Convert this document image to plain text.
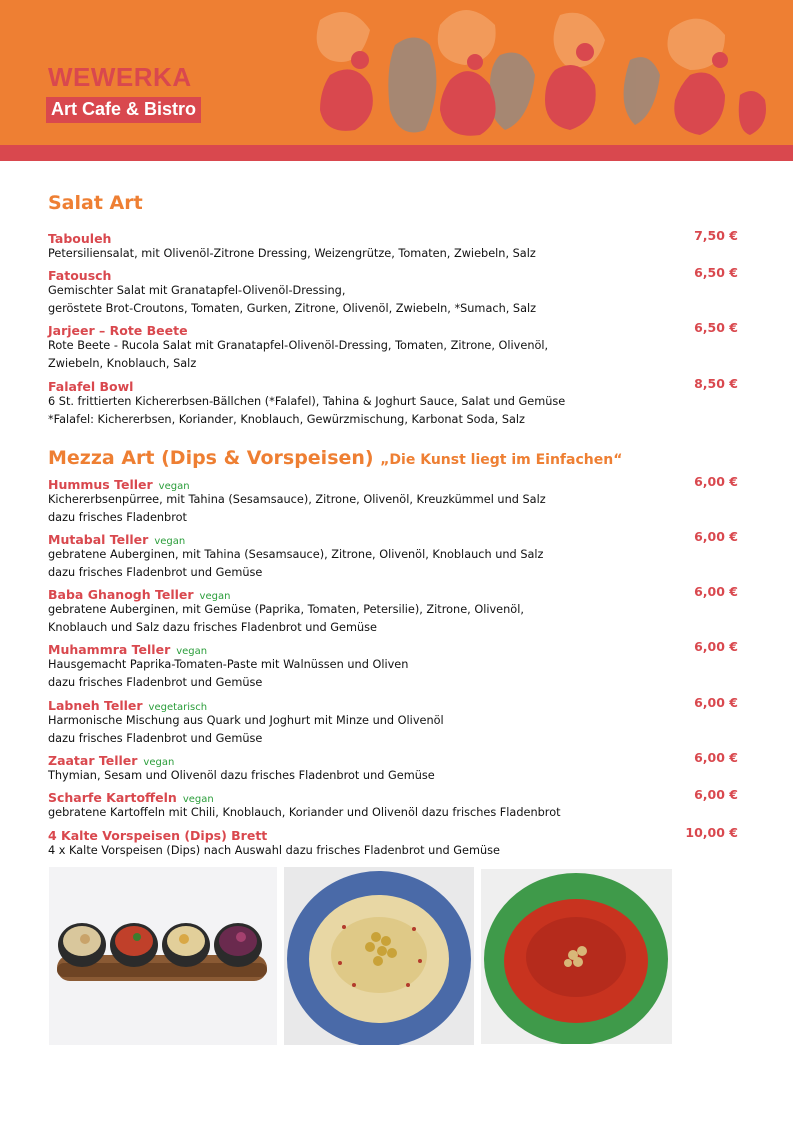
WEWERKA
Art Cafe & Bistro
Salat Art
Tabouleh	7,50 €
Petersiliensalat, mit Olivenöl-Zitrone Dressing, Weizengrütze, Tomaten, Zwiebeln, Salz
Fatousch	6,50 €
Gemischter Salat mit Granatapfel-Olivenöl-Dressing,
geröstete Brot-Croutons, Tomaten, Gurken, Zitrone, Olivenöl, Zwiebeln, *Sumach, Salz
Jarjeer – Rote Beete	6,50 €
Rote Beete - Rucola Salat mit Granatapfel-Olivenöl-Dressing, Tomaten, Zitrone, Olivenöl,
Zwiebeln, Knoblauch, Salz
Falafel Bowl	8,50 €
6 St. frittierten Kichererbsen-Bällchen (*Falafel), Tahina & Joghurt Sauce, Salat und Gemüse
*Falafel: Kichererbsen, Koriander, Knoblauch, Gewürzmischung, Karbonat Soda, Salz
Mezza Art (Dips & Vorspeisen) „Die Kunst liegt im Einfachen“
Hummus Teller vegan	6,00 €
Kichererbsenpürree, mit Tahina (Sesamsauce), Zitrone, Olivenöl, Kreuzkümmel und Salz
dazu frisches Fladenbrot
Mutabal Teller vegan	6,00 €
gebratene Auberginen, mit Tahina (Sesamsauce), Zitrone, Olivenöl, Knoblauch und Salz
dazu frisches Fladenbrot und Gemüse
Baba Ghanogh Teller vegan	6,00 €
gebratene Auberginen, mit Gemüse (Paprika, Tomaten, Petersilie), Zitrone, Olivenöl,
Knoblauch und Salz dazu frisches Fladenbrot und Gemüse
Muhammra Teller vegan	6,00 €
Hausgemacht Paprika-Tomaten-Paste mit Walnüssen und Oliven
dazu frisches Fladenbrot und Gemüse
Labneh Teller vegetarisch	6,00 €
Harmonische Mischung aus Quark und Joghurt mit Minze und Olivenöl
dazu frisches Fladenbrot und Gemüse
Zaatar Teller vegan	6,00 €
Thymian, Sesam und Olivenöl dazu frisches Fladenbrot und Gemüse
Scharfe Kartoffeln vegan	6,00 €
gebratene Kartoffeln mit Chili, Knoblauch, Koriander und Olivenöl dazu frisches Fladenbrot
4 Kalte Vorspeisen (Dips) Brett	10,00 €
4 x Kalte Vorspeisen (Dips) nach Auswahl dazu frisches Fladenbrot und Gemüse
